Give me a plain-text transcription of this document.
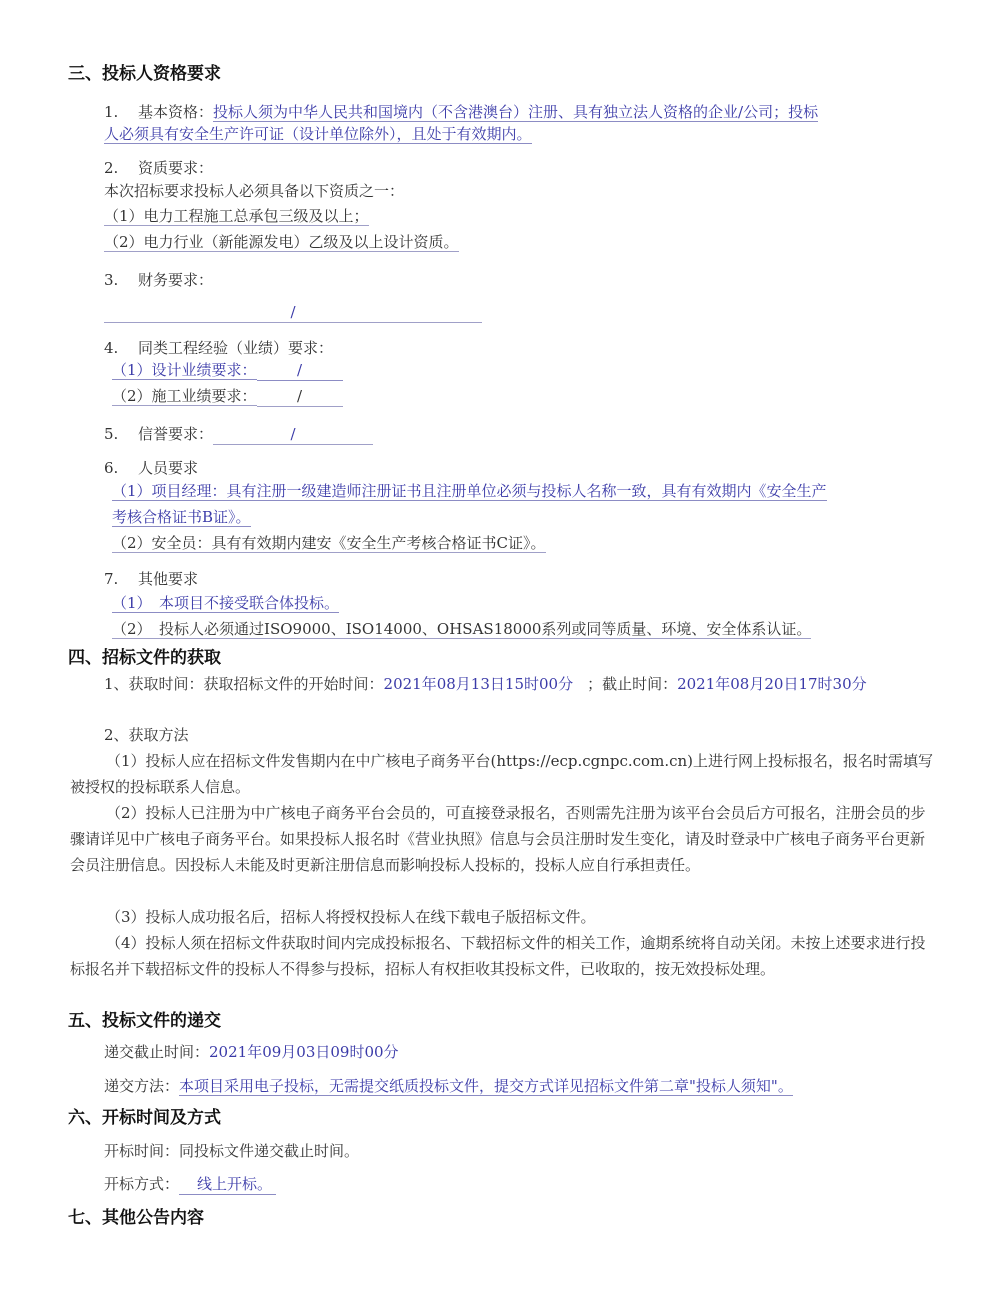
三、投标人资格要求
1. 基本资格：投标人须为中华人民共和国境内（不含港澳台）注册、具有独立法人资格的企业/公司；投标
人必须具有安全生产许可证（设计单位除外），且处于有效期内。
2. 资质要求：
本次招标要求投标人必须具备以下资质之一：
（1）电力工程施工总承包三级及以上；
（2）电力行业（新能源发电）乙级及以上设计资质。
3. 财务要求：
/
4. 同类工程经验（业绩）要求：
（1）设计业绩要求：	/
（2）施工业绩要求：	/
5. 信誉要求：	/
6. 人员要求
（1）项目经理：具有注册一级建造师注册证书且注册单位必须与投标人名称一致，具有有效期内《安全生产
考核合格证书B证》。
（2）安全员：具有有效期内建安《安全生产考核合格证书C证》。
7. 其他要求
（1）　本项目不接受联合体投标。
（2）　投标人必须通过ISO9000、ISO14000、OHSAS18000系列或同等质量、环境、安全体系认证。
四、招标文件的获取
1、获取时间：获取招标文件的开始时间：2021年08月13日15时00分 ；截止时间：2021年08月20日17时30分
2、获取方法
（1）投标人应在招标文件发售期内在中广核电子商务平台(https://ecp.cgnpc.com.cn)上进行网上投标报名，报名时需填写被授权的投标联系人信息。
（2）投标人已注册为中广核电子商务平台会员的，可直接登录报名，否则需先注册为该平台会员后方可报名，注册会员的步骤请详见中广核电子商务平台。如果投标人报名时《营业执照》信息与会员注册时发生变化，请及时登录中广核电子商务平台更新会员注册信息。因投标人未能及时更新注册信息而影响投标人投标的，投标人应自行承担责任。
（3）投标人成功报名后，招标人将授权投标人在线下载电子版招标文件。
（4）投标人须在招标文件获取时间内完成投标报名、下载招标文件的相关工作，逾期系统将自动关闭。未按上述要求进行投标报名并下载招标文件的投标人不得参与投标，招标人有权拒收其投标文件，已收取的，按无效投标处理。
五、投标文件的递交
递交截止时间：2021年09月03日09时00分
递交方法：本项目采用电子投标，无需提交纸质投标文件，提交方式详见招标文件第二章"投标人须知"。
六、开标时间及方式
开标时间：同投标文件递交截止时间。
开标方式： 线上开标。
七、其他公告内容
